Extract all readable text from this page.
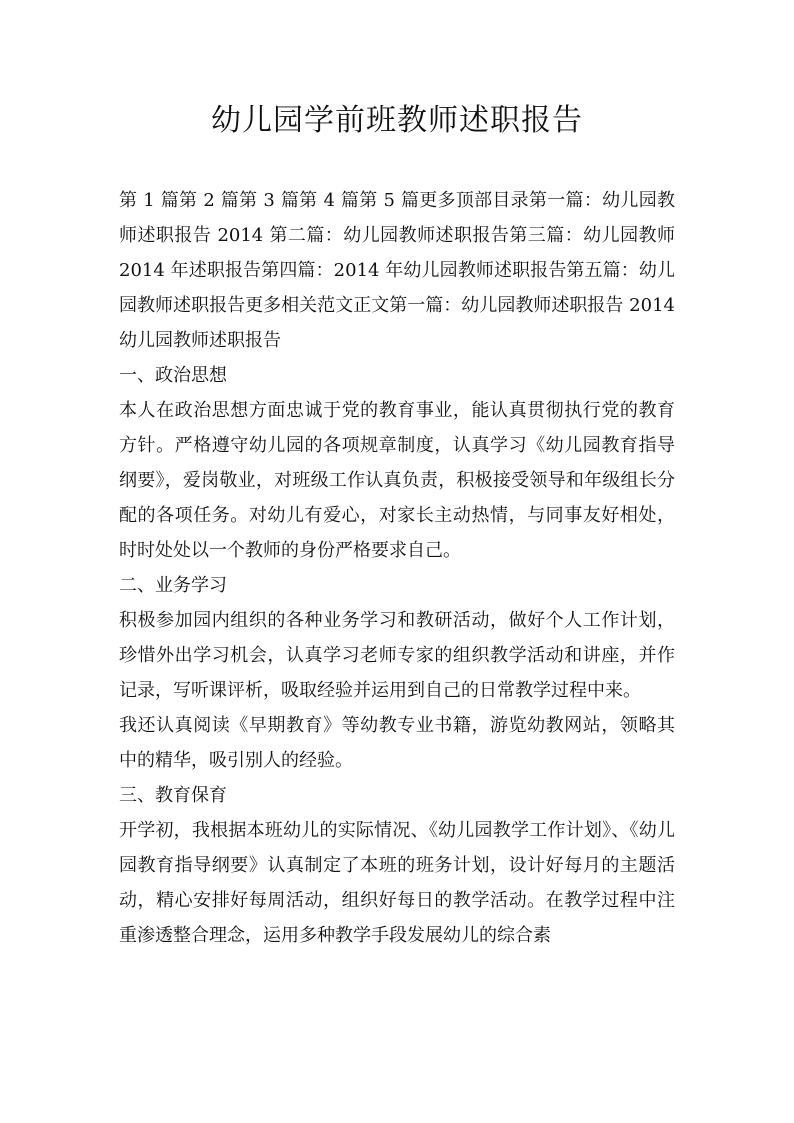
幼儿园学前班教师述职报告

第 1 篇第 2 篇第 3 篇第 4 篇第 5 篇更多顶部目录第一篇：幼儿园教师述职报告 2014 第二篇：幼儿园教师述职报告第三篇：幼儿园教师 2014 年述职报告第四篇：2014 年幼儿园教师述职报告第五篇：幼儿园教师述职报告更多相关范文正文第一篇：幼儿园教师述职报告 2014 幼儿园教师述职报告

一、政治思想

本人在政治思想方面忠诚于党的教育事业，能认真贯彻执行党的教育方针。严格遵守幼儿园的各项规章制度，认真学习《幼儿园教育指导纲要》，爱岗敬业，对班级工作认真负责，积极接受领导和年级组长分配的各项任务。对幼儿有爱心，对家长主动热情，与同事友好相处，时时处处以一个教师的身份严格要求自己。

二、业务学习

积极参加园内组织的各种业务学习和教研活动，做好个人工作计划，珍惜外出学习机会，认真学习老师专家的组织教学活动和讲座，并作记录，写听课评析，吸取经验并运用到自己的日常教学过程中来。

我还认真阅读《早期教育》等幼教专业书籍，游览幼教网站，领略其中的精华，吸引别人的经验。

三、教育保育

开学初，我根据本班幼儿的实际情况、《幼儿园教学工作计划》、《幼儿园教育指导纲要》认真制定了本班的班务计划，设计好每月的主题活动，精心安排好每周活动，组织好每日的教学活动。在教学过程中注重渗透整合理念，运用多种教学手段发展幼儿的综合素
